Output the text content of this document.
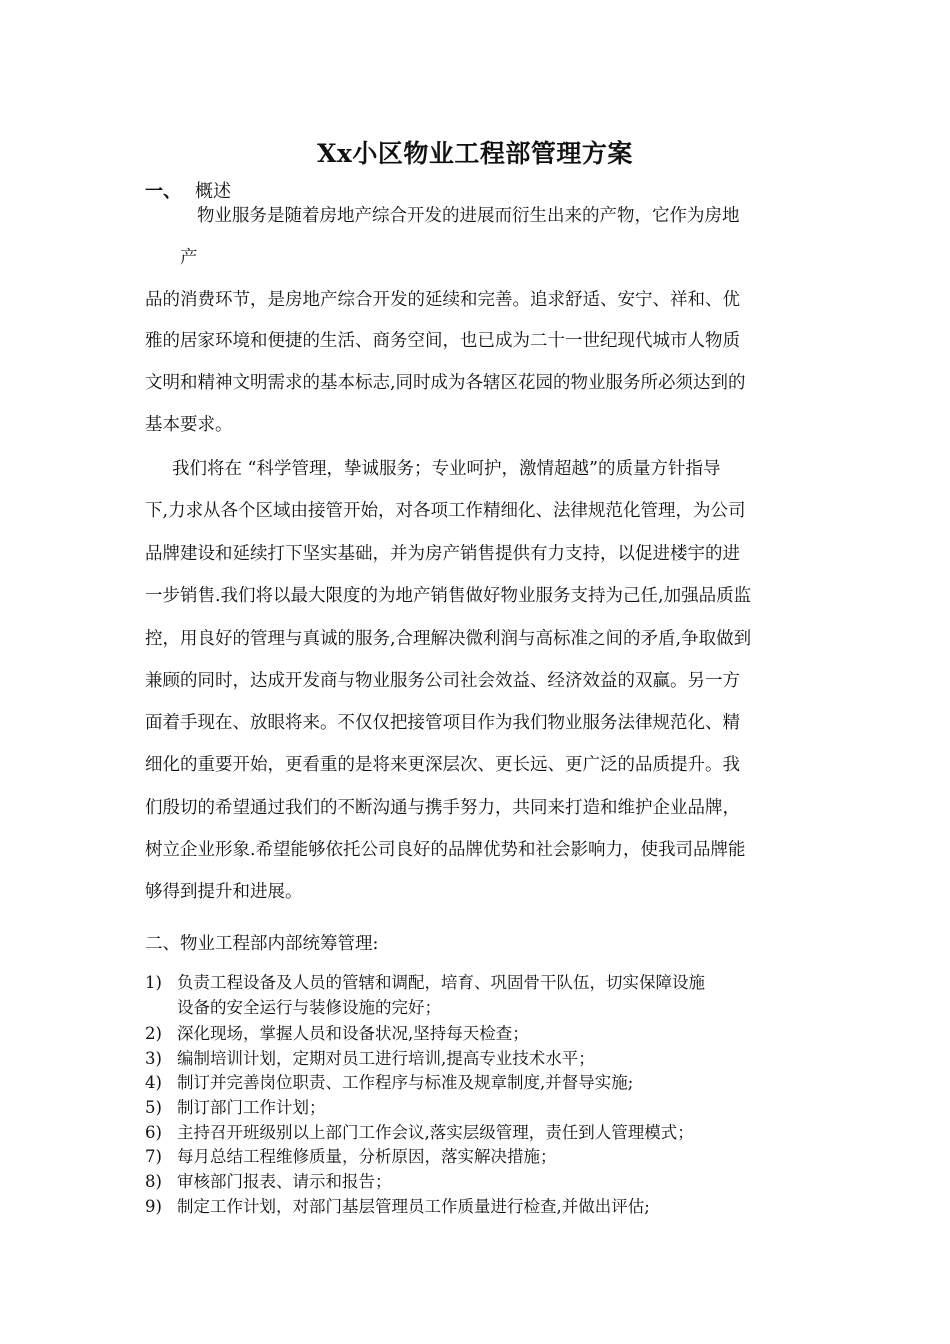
Xx小区物业工程部管理方案
一、 概述
物业服务是随着房地产综合开发的进展而衍生出来的产物，它作为房地
产
品的消费环节，是房地产综合开发的延续和完善。追求舒适、安宁、祥和、优
雅的居家环境和便捷的生活、商务空间，也已成为二十一世纪现代城市人物质
文明和精神文明需求的基本标志,同时成为各辖区花园的物业服务所必须达到的
基本要求。
我们将在 “科学管理，挚诚服务；专业呵护，激情超越”的质量方针指导
下,力求从各个区域由接管开始，对各项工作精细化、法律规范化管理，为公司
品牌建设和延续打下坚实基础，并为房产销售提供有力支持，以促进楼宇的进
一步销售.我们将以最大限度的为地产销售做好物业服务支持为己任,加强品质监
控，用良好的管理与真诚的服务,合理解决微利润与高标准之间的矛盾,争取做到
兼顾的同时，达成开发商与物业服务公司社会效益、经济效益的双赢。另一方
面着手现在、放眼将来。不仅仅把接管项目作为我们物业服务法律规范化、精
细化的重要开始，更看重的是将来更深层次、更长远、更广泛的品质提升。我
们殷切的希望通过我们的不断沟通与携手努力，共同来打造和维护企业品牌，
树立企业形象.希望能够依托公司良好的品牌优势和社会影响力，使我司品牌能
够得到提升和进展。
二、物业工程部内部统筹管理:
1) 负责工程设备及人员的管辖和调配，培育、巩固骨干队伍，切实保障设施
设备的安全运行与装修设施的完好；
2) 深化现场，掌握人员和设备状况,坚持每天检查；
3) 编制培训计划，定期对员工进行培训,提高专业技术水平；
4) 制订并完善岗位职责、工作程序与标准及规章制度,并督导实施;
5) 制订部门工作计划；
6) 主持召开班级别以上部门工作会议,落实层级管理，责任到人管理模式；
7) 每月总结工程维修质量，分析原因，落实解决措施；
8) 审核部门报表、请示和报告；
9) 制定工作计划，对部门基层管理员工作质量进行检查,并做出评估;
